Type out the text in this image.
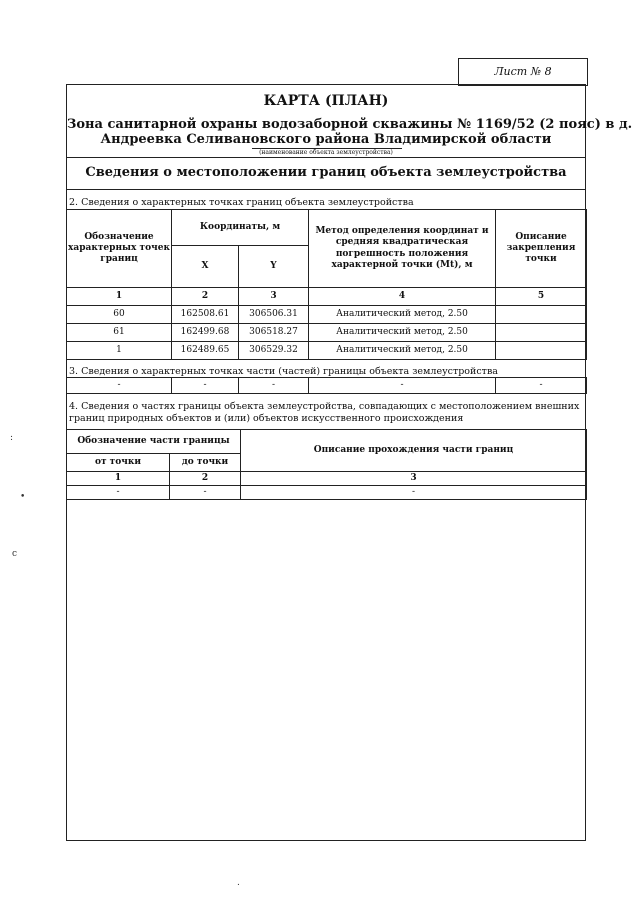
Лист № 8
:
•
с
.
КАРТА (ПЛАН)
Зона санитарной охраны водозаборной скважины № 1169/52 (2 пояс) в д.
Андреевка Селивановского района Владимирской области
(наименование объекта землеустройства)
Сведения о местоположении границ объекта землеустройства
2. Сведения о характерных точках границ объекта землеустройства
Обозначение характерных точек границ	Координаты, м		Метод определения координат и средняя квадратическая погрешность положения характерной точки (Mt), м	Описание закрепления точки
	X	Y		
1	2	3	4	5
60	162508.61	306506.31	Аналитический метод, 2.50	
61	162499.68	306518.27	Аналитический метод, 2.50	
1	162489.65	306529.32	Аналитический метод, 2.50	
3. Сведения о характерных точках части (частей) границы объекта землеустройства
-	-	-	-	-
4. Сведения о частях границы объекта землеустройства, совпадающих с местоположением внешних
границ природных объектов и (или) объектов искусственного происхождения
Обозначение части границы		Описание прохождения части границ
от точки	до точки	
1	2	3
-	-	-
